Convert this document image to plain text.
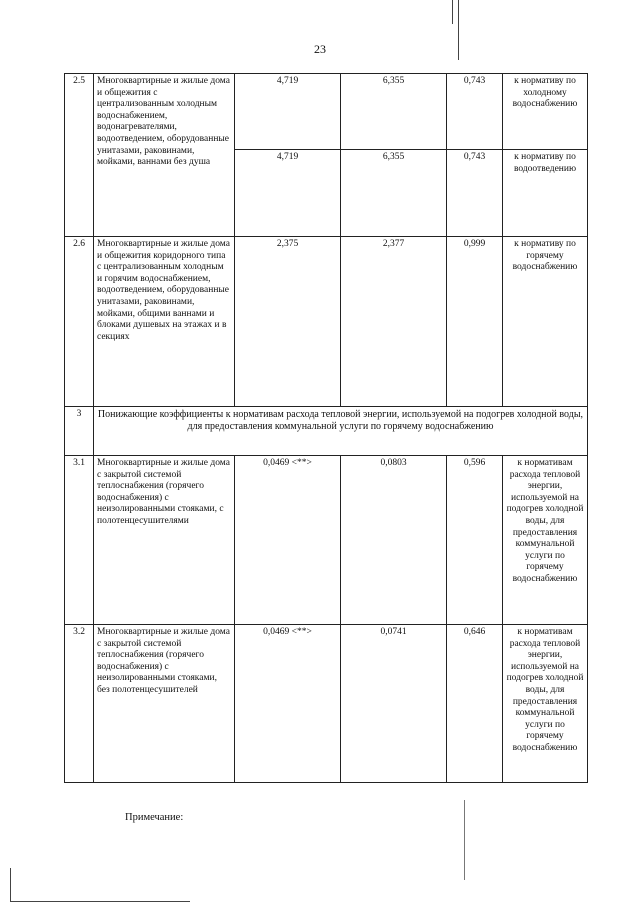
23
2.5	Многоквартирные и жилые дома и общежития с централизованным холодным водоснабжением, водонагревателями, водоотведением, оборудованные унитазами, раковинами, мойками, ваннами без душа	4,719	6,355	0,743	к нормативу по холодному водоснабжению
		4,719	6,355	0,743	к нормативу по водоотведению
2.6	Многоквартирные и жилые дома и общежития коридорного типа с централизованным холодным и горячим водоснабжением, водоотведением, оборудованные унитазами, раковинами, мойками, общими ваннами и блоками душевых на этажах и в секциях	2,375	2,377	0,999	к нормативу по горячему водоснабжению
3	Понижающие коэффициенты к нормативам расхода тепловой энергии, используемой на подогрев холодной воды, для предоставления коммунальной услуги по горячему водоснабжению				
3.1	Многоквартирные и жилые дома с закрытой системой теплоснабжения (горячего водоснабжения) с неизолированными стояками, с полотенцесушителями	0,0469 <**>	0,0803	0,596	к нормативам расхода тепловой энергии, используемой на подогрев холодной воды, для предоставления коммунальной услуги по горячему водоснабжению
3.2	Многоквартирные и жилые дома с закрытой системой теплоснабжения (горячего водоснабжения) с неизолированными стояками, без полотенцесушителей	0,0469 <**>	0,0741	0,646	к нормативам расхода тепловой энергии, используемой на подогрев холодной воды, для предоставления коммунальной услуги по горячему водоснабжению
Примечание:
